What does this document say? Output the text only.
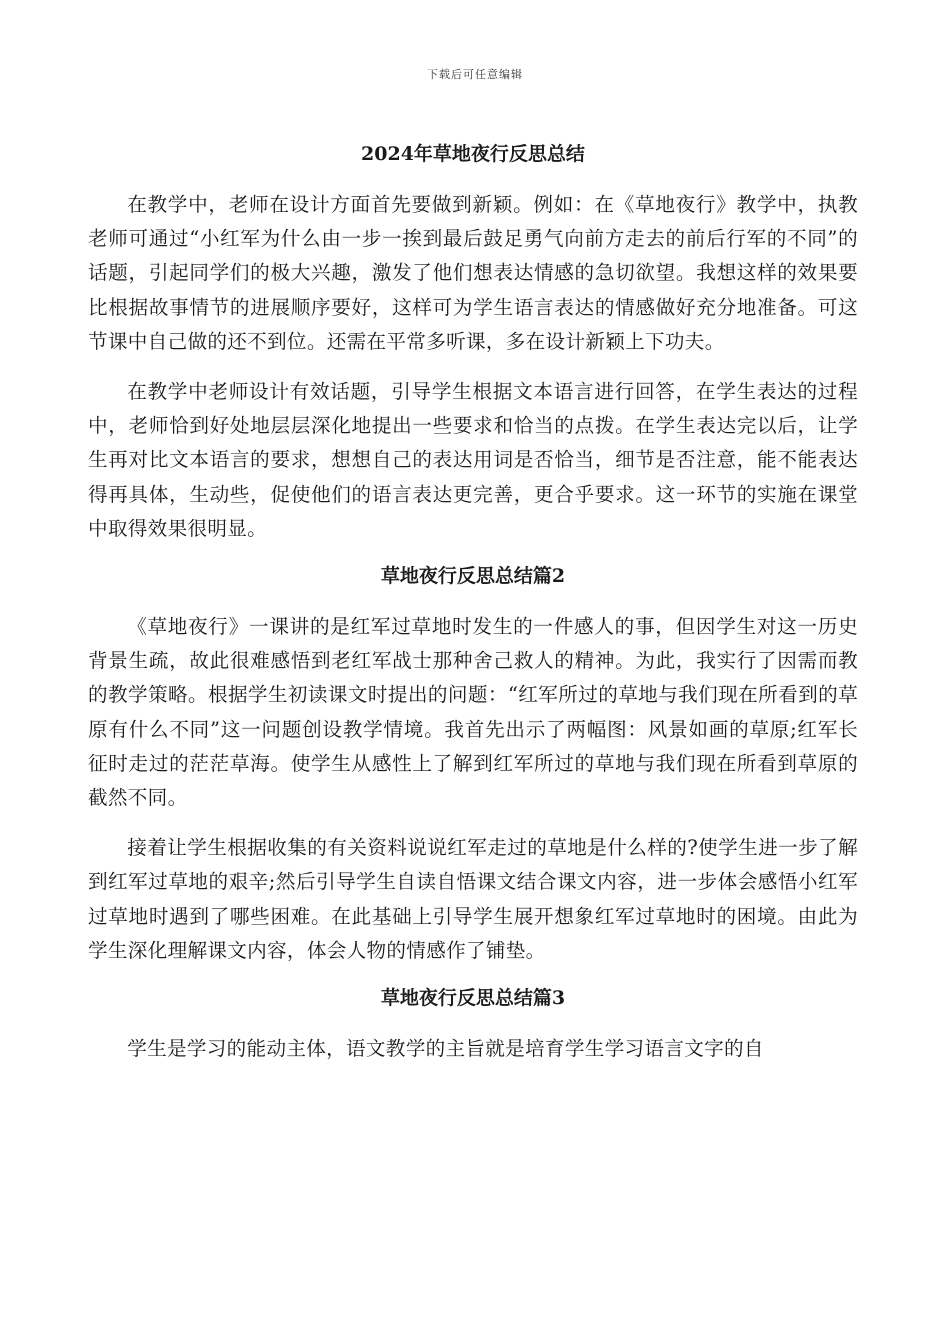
下载后可任意编辑
2024年草地夜行反思总结

在教学中，老师在设计方面首先要做到新颖。例如：在《草地夜行》教学中，执教老师可通过“小红军为什么由一步一挨到最后鼓足勇气向前方走去的前后行军的不同”的话题，引起同学们的极大兴趣，激发了他们想表达情感的急切欲望。我想这样的效果要比根据故事情节的进展顺序要好，这样可为学生语言表达的情感做好充分地准备。可这节课中自己做的还不到位。还需在平常多听课，多在设计新颖上下功夫。

在教学中老师设计有效话题，引导学生根据文本语言进行回答，在学生表达的过程中，老师恰到好处地层层深化地提出一些要求和恰当的点拨。在学生表达完以后，让学生再对比文本语言的要求，想想自己的表达用词是否恰当，细节是否注意，能不能表达得再具体，生动些，促使他们的语言表达更完善，更合乎要求。这一环节的实施在课堂中取得效果很明显。

草地夜行反思总结篇2

《草地夜行》一课讲的是红军过草地时发生的一件感人的事，但因学生对这一历史背景生疏，故此很难感悟到老红军战士那种舍己救人的精神。为此，我实行了因需而教的教学策略。根据学生初读课文时提出的问题：“红军所过的草地与我们现在所看到的草原有什么不同”这一问题创设教学情境。我首先出示了两幅图：风景如画的草原;红军长征时走过的茫茫草海。使学生从感性上了解到红军所过的草地与我们现在所看到草原的截然不同。

接着让学生根据收集的有关资料说说红军走过的草地是什么样的?使学生进一步了解到红军过草地的艰辛;然后引导学生自读自悟课文结合课文内容，进一步体会感悟小红军过草地时遇到了哪些困难。在此基础上引导学生展开想象红军过草地时的困境。由此为学生深化理解课文内容，体会人物的情感作了铺垫。

草地夜行反思总结篇3

学生是学习的能动主体，语文教学的主旨就是培育学生学习语言文字的自
